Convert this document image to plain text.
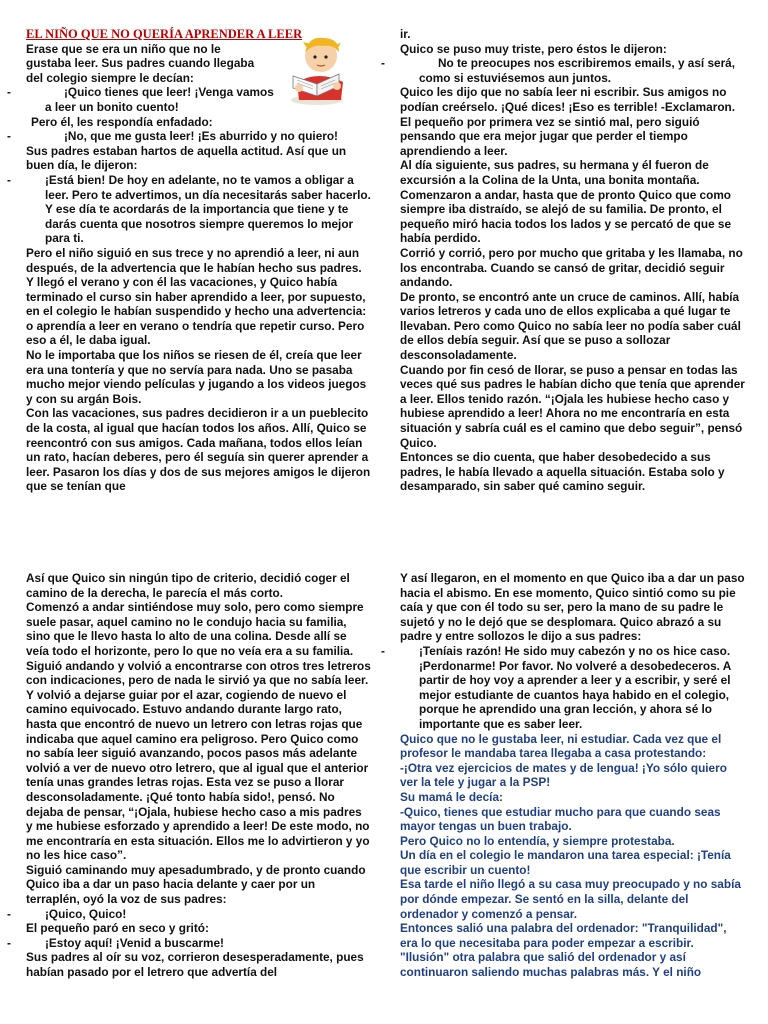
EL NIÑO QUE NO QUERÍA APRENDER A LEER

Erase que se era un niño que no le

gustaba leer. Sus padres cuando llegaba

del colegio siempre le decían:

-	¡Quico tienes que leer! ¡Venga vamos

a leer un bonito cuento!

Pero él, les respondía enfadado:

-	¡No, que me gusta leer! ¡Es aburrido y no quiero!

Sus padres estaban hartos de aquella actitud. Así que un buen día, le dijeron:

-	¡Está bien! De hoy en adelante, no te vamos a obligar a leer. Pero te advertimos, un día necesitarás saber hacerlo. Y ese día te acordarás de la importancia que tiene y te darás cuenta que nosotros siempre queremos lo mejor para ti.

Pero el niño siguió en sus trece y no aprendió a leer, ni aun después, de la advertencia que le habían hecho sus padres.

Y llegó el verano y con él las vacaciones, y Quico había terminado el curso sin haber aprendido a leer, por supuesto, en el colegio le habían suspendido y hecho una advertencia: o aprendía a leer en verano o tendría que repetir curso. Pero eso a él, le daba igual.

No le importaba que los niños se riesen de él, creía que leer era una tontería y que no servía para nada. Uno se pasaba mucho mejor viendo películas y jugando a los videos juegos y con su argán Bois.

Con las vacaciones, sus padres decidieron ir a un pueblecito de la costa, al igual que hacían todos los años. Allí, Quico se reencontró con sus amigos. Cada mañana, todos ellos leían un rato, hacían deberes, pero él seguía sin querer aprender a leer. Pasaron los días y dos de sus mejores amigos le dijeron que se tenían que

ir.

Quico se puso muy triste, pero éstos le dijeron:

-	No te preocupes nos escribiremos emails, y así será, como si estuviésemos aun juntos.

Quico les dijo que no sabía leer ni escribir. Sus amigos no podían creérselo. ¡Qué dices! ¡Eso es terrible! -Exclamaron.

El pequeño por primera vez se sintió mal, pero siguió pensando que era mejor jugar que perder el tiempo aprendiendo a leer.

Al día siguiente, sus padres, su hermana y él fueron de excursión a la Colina de la Unta, una bonita montaña. Comenzaron a andar, hasta que de pronto Quico que como siempre iba distraído, se alejó de su familia. De pronto, el pequeño miró hacia todos los lados y se percató de que se había perdido.

Corrió y corrió, pero por mucho que gritaba y les llamaba, no los encontraba. Cuando se cansó de gritar, decidió seguir andando.

De pronto, se encontró ante un cruce de caminos. Allí, había varios letreros y cada uno de ellos explicaba a qué lugar te llevaban. Pero como Quico no sabía leer no podía saber cuál de ellos debía seguir. Así que se puso a sollozar desconsoladamente.

Cuando por fin cesó de llorar, se puso a pensar en todas las veces qué sus padres le habían dicho que tenía que aprender a leer. Ellos tenido razón. “¡Ojala les hubiese hecho caso y hubiese aprendido a leer! Ahora no me encontraría en esta situación y sabría cuál es el camino que debo seguir”, pensó Quico.

Entonces se dio cuenta, que haber desobedecido a sus padres, le había llevado a aquella situación. Estaba solo y desamparado, sin saber qué camino seguir.

Así que Quico sin ningún tipo de criterio, decidió coger el camino de la derecha, le parecía el más corto.

Comenzó a andar sintiéndose muy solo, pero como siempre suele pasar, aquel camino no le condujo hacia su familia, sino que le llevo hasta lo alto de una colina. Desde allí se veía todo el horizonte, pero lo que no veía era a su familia.

Siguió andando y volvió a encontrarse con otros tres letreros con indicaciones, pero de nada le sirvió ya que no sabía leer. Y volvió a dejarse guiar por el azar, cogiendo de nuevo el camino equivocado. Estuvo andando durante largo rato, hasta que encontró de nuevo un letrero con letras rojas que indicaba que aquel camino era peligroso. Pero Quico como no sabía leer siguió avanzando, pocos pasos más adelante volvió a ver de nuevo otro letrero, que al igual que el anterior tenía unas grandes letras rojas. Esta vez se puso a llorar desconsoladamente. ¡Qué tonto había sido!, pensó. No dejaba de pensar, “¡Ojala, hubiese hecho caso a mis padres y me hubiese esforzado y aprendido a leer! De este modo, no me encontraría en esta situación. Ellos me lo advirtieron y yo no les hice caso”.

Siguió caminando muy apesadumbrado, y de pronto cuando Quico iba a dar un paso hacia delante y caer por un terraplén, oyó la voz de sus padres:

-	¡Quico, Quico!

El pequeño paró en seco y gritó:

-	¡Estoy aquí! ¡Venid a buscarme!

Sus padres al oír su voz, corrieron desesperadamente, pues habían pasado por el letrero que advertía del

Y así llegaron, en el momento en que Quico iba a dar un paso hacia el abismo. En ese momento, Quico sintió como su pie caía y que con él todo su ser, pero la mano de su padre le sujetó y no le dejó que se desplomara. Quico abrazó a su padre y entre sollozos le dijo a sus padres:

-	¡Teníais razón! He sido muy cabezón y no os hice caso. ¡Perdonarme! Por favor. No volveré a desobedeceros. A partir de hoy voy a aprender a leer y a escribir, y seré el mejor estudiante de cuantos haya habido en el colegio, porque he aprendido una gran lección, y ahora sé lo importante que es saber leer.

Quico que no le gustaba leer, ni estudiar. Cada vez que el profesor le mandaba tarea llegaba a casa protestando:

-¡Otra vez ejercicios de mates y de lengua! ¡Yo sólo quiero ver la tele y jugar a la PSP!

Su mamá le decía:

-Quico, tienes que estudiar mucho para que cuando seas mayor tengas un buen trabajo.

Pero Quico no lo entendía, y siempre protestaba.

Un día en el colegio le mandaron una tarea especial: ¡Tenía que escribir un cuento!

Esa tarde el niño llegó a su casa muy preocupado y no sabía por dónde empezar. Se sentó en la silla, delante del ordenador y comenzó a pensar.

Entonces salió una palabra del ordenador: "Tranquilidad", era lo que necesitaba para poder empezar a escribir.

"Ilusión" otra palabra que salió del ordenador y así continuaron saliendo muchas palabras más. Y el niño
